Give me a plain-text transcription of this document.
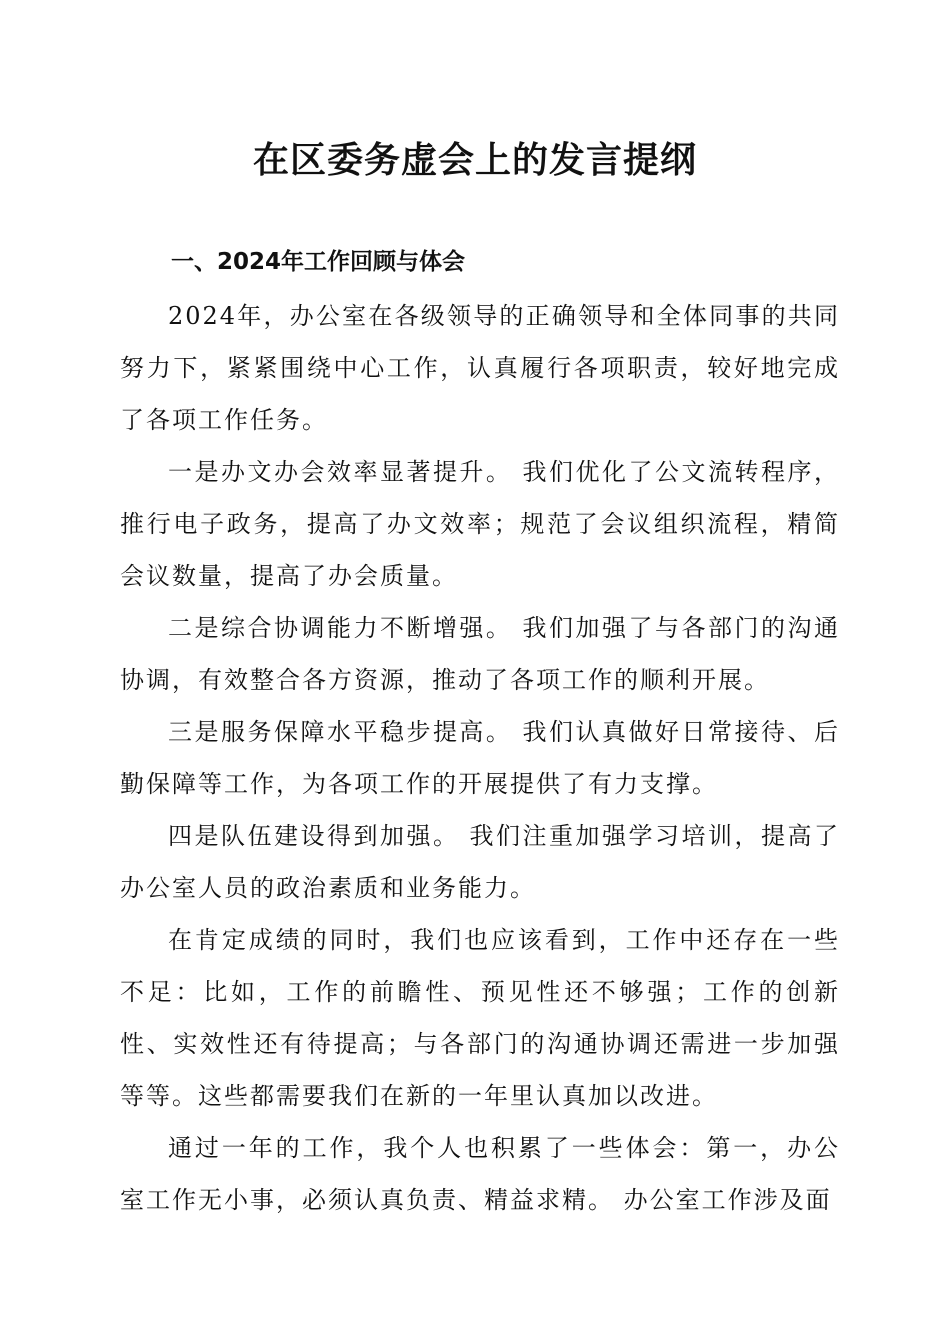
在区委务虚会上的发言提纲
一、2024年工作回顾与体会

2024年，办公室在各级领导的正确领导和全体同事的共同努力下，紧紧围绕中心工作，认真履行各项职责，较好地完成了各项工作任务。

一是办文办会效率显著提升。 我们优化了公文流转程序，推行电子政务，提高了办文效率；规范了会议组织流程，精简会议数量，提高了办会质量。

二是综合协调能力不断增强。 我们加强了与各部门的沟通协调，有效整合各方资源，推动了各项工作的顺利开展。

三是服务保障水平稳步提高。 我们认真做好日常接待、后勤保障等工作，为各项工作的开展提供了有力支撑。

四是队伍建设得到加强。 我们注重加强学习培训，提高了办公室人员的政治素质和业务能力。

在肯定成绩的同时，我们也应该看到，工作中还存在一些不足：比如，工作的前瞻性、预见性还不够强；工作的创新性、实效性还有待提高；与各部门的沟通协调还需进一步加强等等。这些都需要我们在新的一年里认真加以改进。

通过一年的工作，我个人也积累了一些体会：第一，办公室工作无小事，必须认真负责、精益求精。 办公室工作涉及面
